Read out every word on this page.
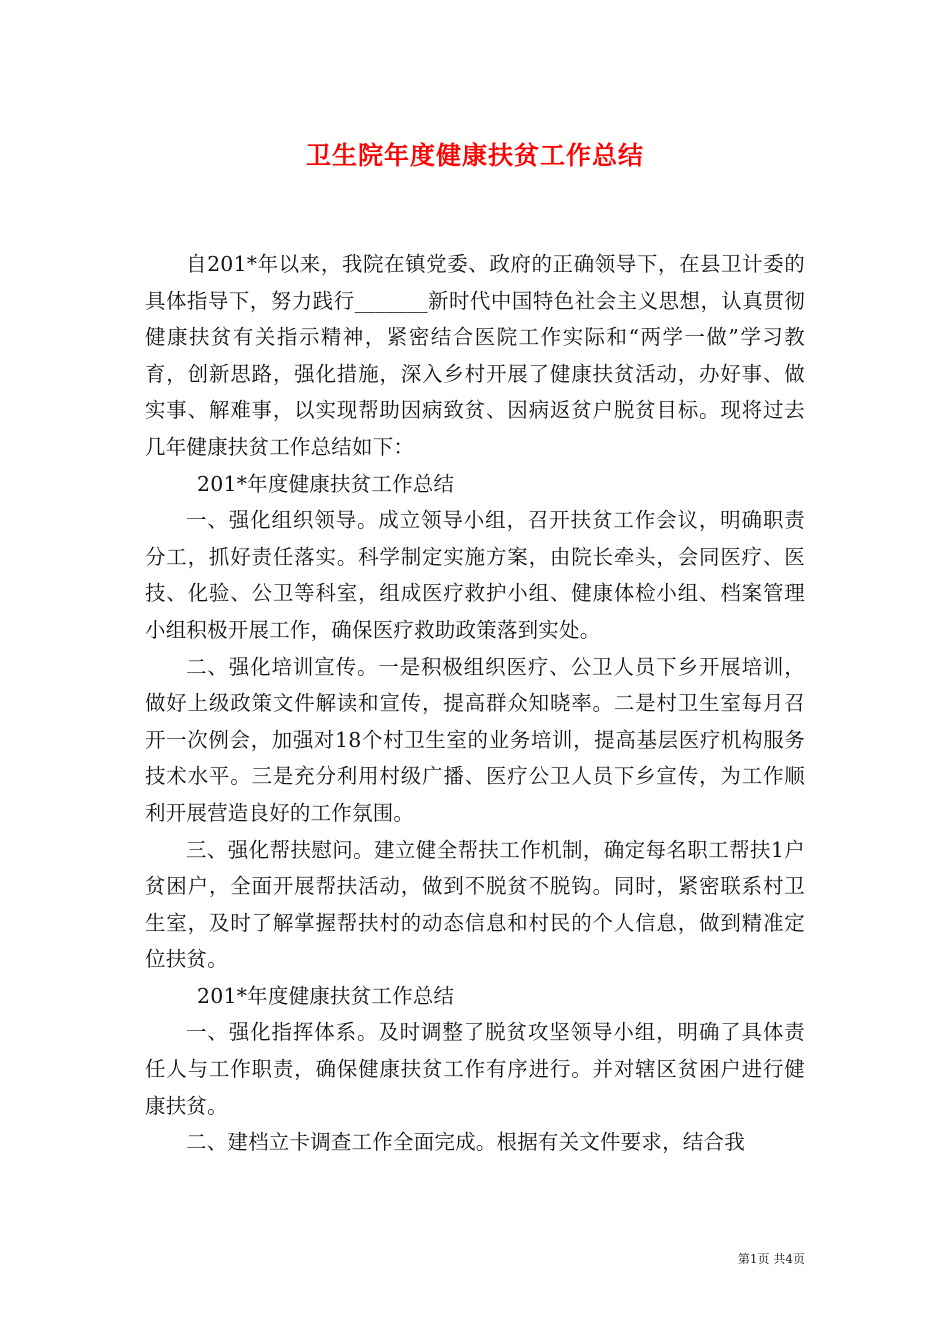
卫生院年度健康扶贫工作总结

自201*年以来，我院在镇党委、政府的正确领导下，在县卫计委的具体指导下，努力践行_______新时代中国特色社会主义思想，认真贯彻健康扶贫有关指示精神，紧密结合医院工作实际和“两学一做”学习教育，创新思路，强化措施，深入乡村开展了健康扶贫活动，办好事、做实事、解难事，以实现帮助因病致贫、因病返贫户脱贫目标。现将过去几年健康扶贫工作总结如下：

201*年度健康扶贫工作总结

一、强化组织领导。成立领导小组，召开扶贫工作会议，明确职责分工，抓好责任落实。科学制定实施方案，由院长牵头，会同医疗、医技、化验、公卫等科室，组成医疗救护小组、健康体检小组、档案管理小组积极开展工作，确保医疗救助政策落到实处。

二、强化培训宣传。一是积极组织医疗、公卫人员下乡开展培训，做好上级政策文件解读和宣传，提高群众知晓率。二是村卫生室每月召开一次例会，加强对18个村卫生室的业务培训，提高基层医疗机构服务技术水平。三是充分利用村级广播、医疗公卫人员下乡宣传，为工作顺利开展营造良好的工作氛围。

三、强化帮扶慰问。建立健全帮扶工作机制，确定每名职工帮扶1户贫困户，全面开展帮扶活动，做到不脱贫不脱钩。同时，紧密联系村卫生室，及时了解掌握帮扶村的动态信息和村民的个人信息，做到精准定位扶贫。

201*年度健康扶贫工作总结

一、强化指挥体系。及时调整了脱贫攻坚领导小组，明确了具体责任人与工作职责，确保健康扶贫工作有序进行。并对辖区贫困户进行健康扶贫。

二、建档立卡调查工作全面完成。根据有关文件要求，结合我

第1页 共4页
